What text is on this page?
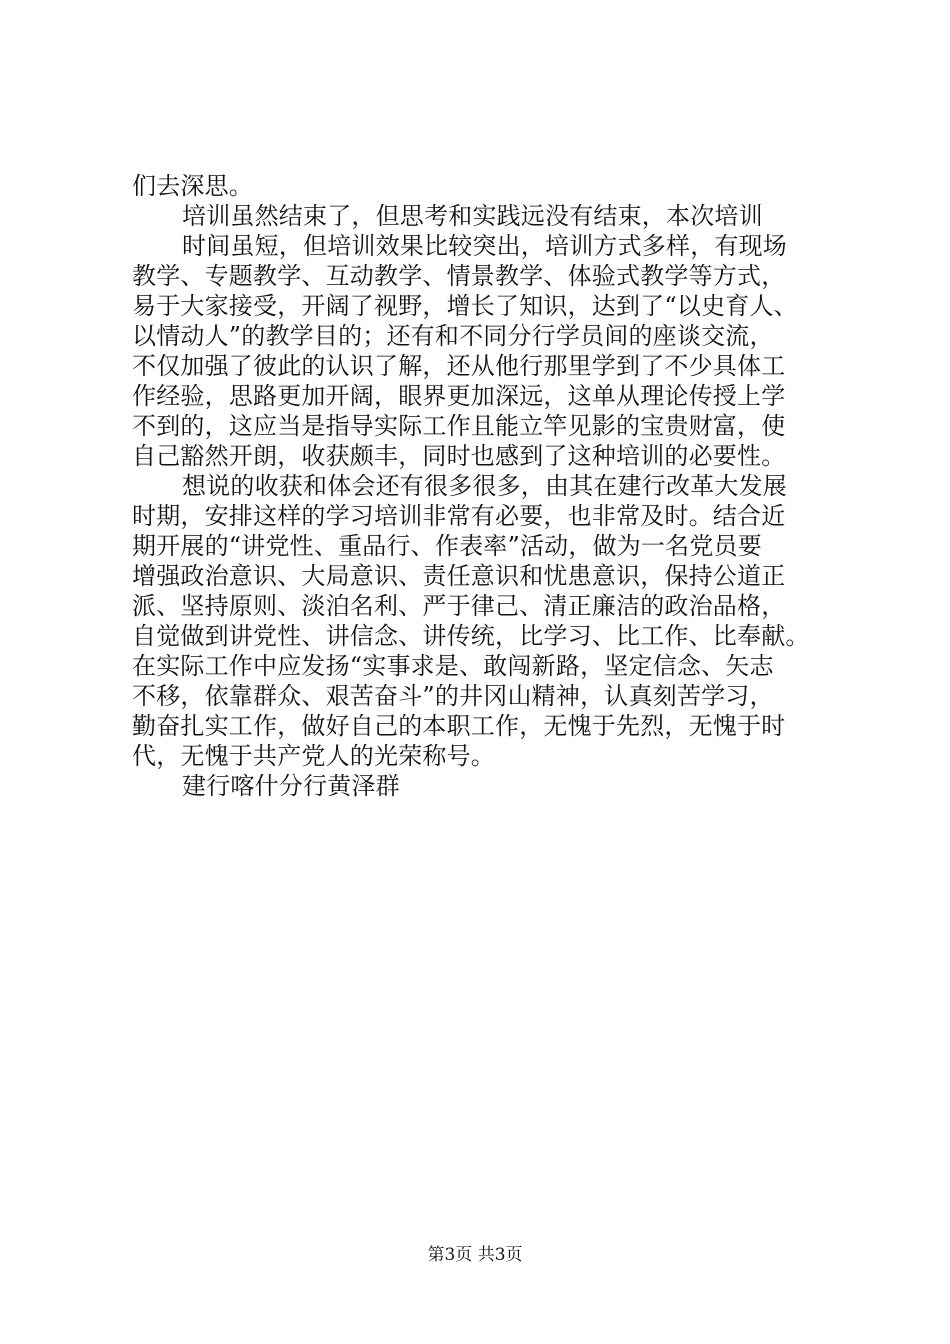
们去深思。
培训虽然结束了，但思考和实践远没有结束，本次培训
时间虽短，但培训效果比较突出，培训方式多样，有现场
教学、专题教学、互动教学、情景教学、体验式教学等方式，
易于大家接受，开阔了视野，增长了知识，达到了“以史育人、
以情动人”的教学目的；还有和不同分行学员间的座谈交流，
不仅加强了彼此的认识了解，还从他行那里学到了不少具体工
作经验，思路更加开阔，眼界更加深远，这单从理论传授上学
不到的，这应当是指导实际工作且能立竿见影的宝贵财富，使
自己豁然开朗，收获颇丰，同时也感到了这种培训的必要性。
想说的收获和体会还有很多很多，由其在建行改革大发展
时期，安排这样的学习培训非常有必要，也非常及时。结合近
期开展的“讲党性、重品行、作表率”活动，做为一名党员要
增强政治意识、大局意识、责任意识和忧患意识，保持公道正
派、坚持原则、淡泊名利、严于律己、清正廉洁的政治品格，
自觉做到讲党性、讲信念、讲传统，比学习、比工作、比奉献。
在实际工作中应发扬“实事求是、敢闯新路，坚定信念、矢志
不移，依靠群众、艰苦奋斗”的井冈山精神，认真刻苦学习，
勤奋扎实工作，做好自己的本职工作，无愧于先烈，无愧于时
代，无愧于共产党人的光荣称号。
建行喀什分行黄泽群
第3页 共3页
